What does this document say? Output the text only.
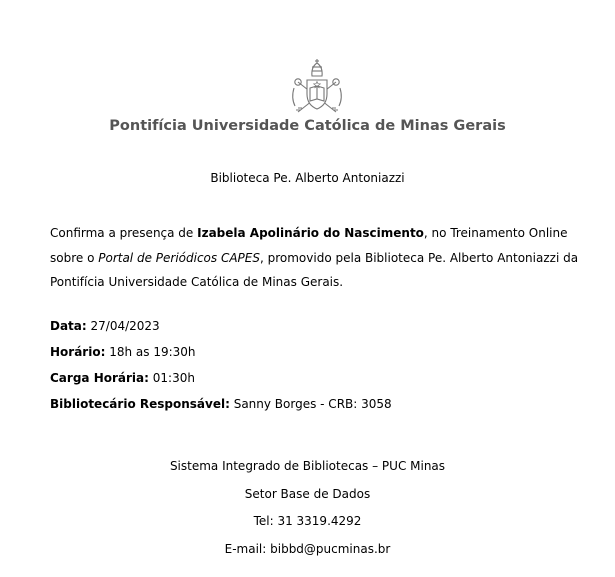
Pontifícia Universidade Católica de Minas Gerais
Biblioteca Pe. Alberto Antoniazzi

Confirma a presença de Izabela Apolinário do Nascimento, no Treinamento Online sobre o Portal de Periódicos CAPES, promovido pela Biblioteca Pe. Alberto Antoniazzi da Pontifícia Universidade Católica de Minas Gerais.

Data: 27/04/2023
Horário: 18h as 19:30h
Carga Horária: 01:30h
Bibliotecário Responsável: Sanny Borges - CRB: 3058
Sistema Integrado de Bibliotecas – PUC Minas
Setor Base de Dados
Tel: 31 3319.4292
E-mail: bibbd@pucminas.br
